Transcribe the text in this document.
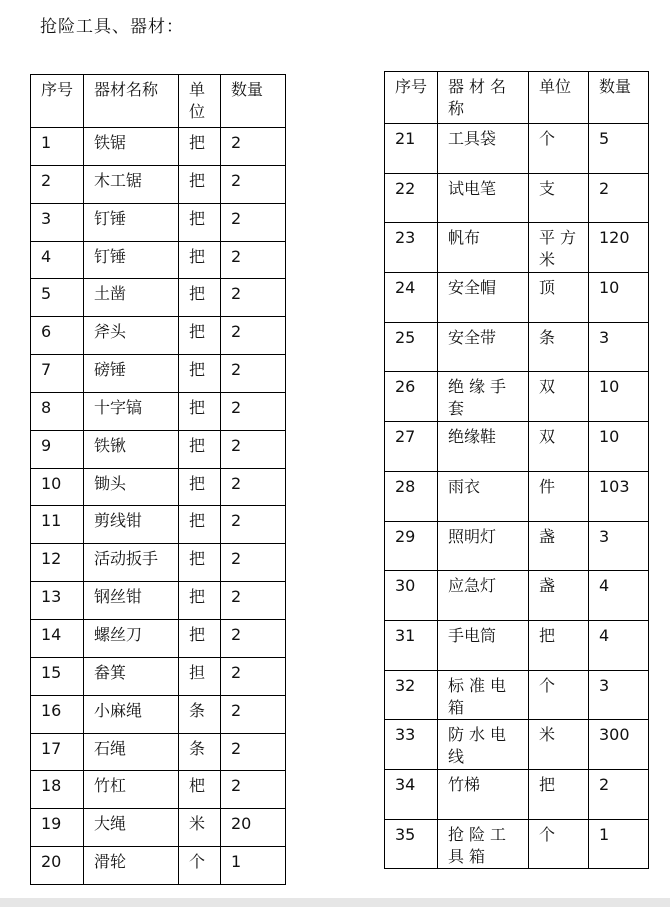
抢险工具、器材：
序号	器材名称	单位	数量
1	铁锯	把	2
2	木工锯	把	2
3	钉锤	把	2
4	钉锤	把	2
5	土凿	把	2
6	斧头	把	2
7	磅锤	把	2
8	十字镐	把	2
9	铁锹	把	2
10	锄头	把	2
11	剪线钳	把	2
12	活动扳手	把	2
13	钢丝钳	把	2
14	螺丝刀	把	2
15	畚箕	担	2
16	小麻绳	条	2
17	石绳	条	2
18	竹杠	杷	2
19	大绳	米	20
20	滑轮	个	1
序号	器材名称	单位	数量
21	工具袋	个	5
22	试电笔	支	2
23	帆布	平方米	120
24	安全帽	顶	10
25	安全带	条	3
26	绝缘手套	双	10
27	绝缘鞋	双	10
28	雨衣	件	103
29	照明灯	盏	3
30	应急灯	盏	4
31	手电筒	把	4
32	标准电箱	个	3
33	防水电线	米	300
34	竹梯	把	2
35	抢险工具箱	个	1
